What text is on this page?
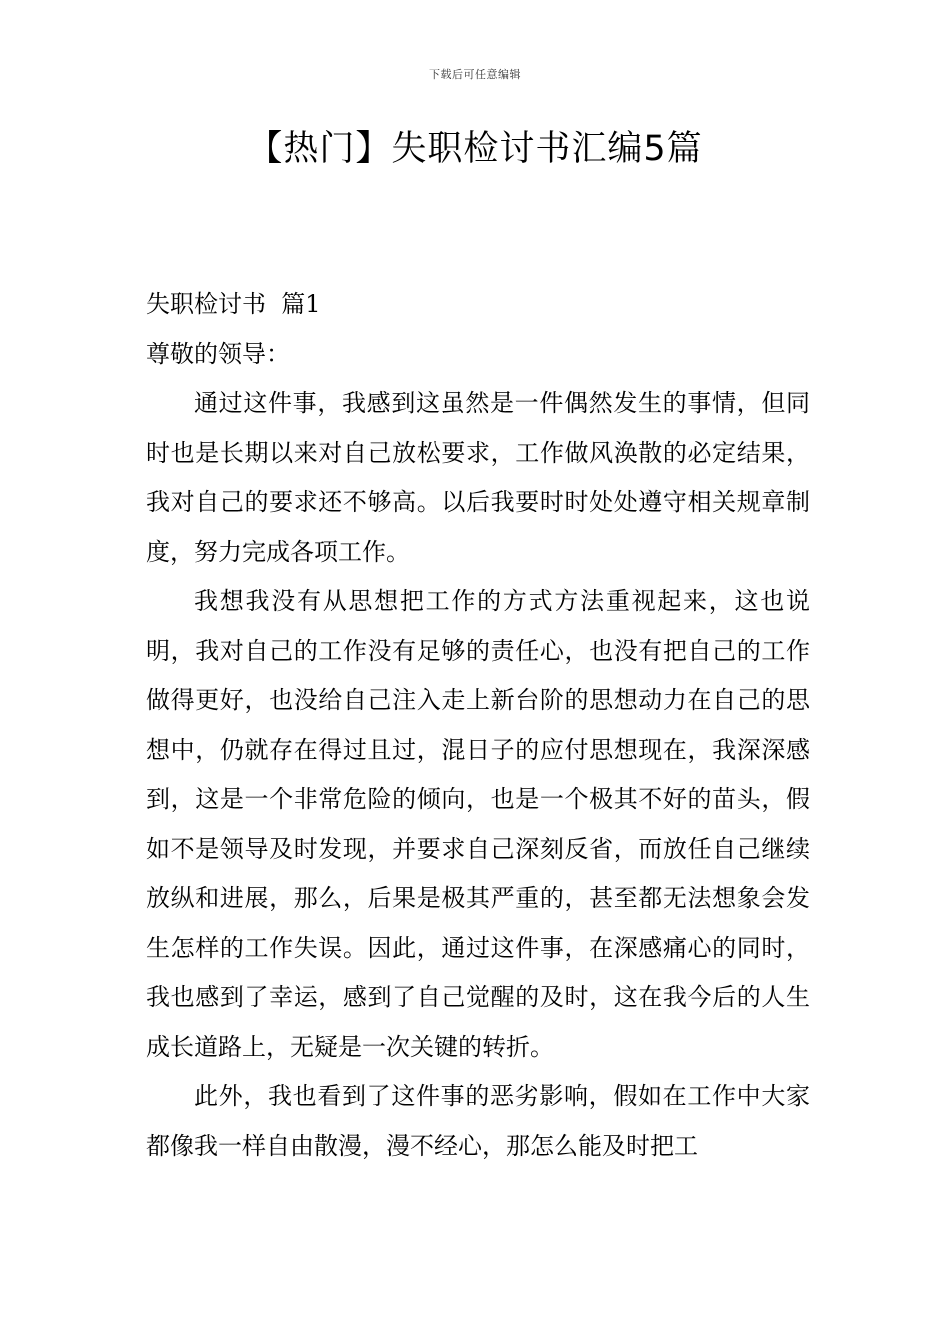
下载后可任意编辑
【热门】失职检讨书汇编5篇

失职检讨书  篇1

尊敬的领导：

通过这件事，我感到这虽然是一件偶然发生的事情，但同时也是长期以来对自己放松要求，工作做风涣散的必定结果，我对自己的要求还不够高。以后我要时时处处遵守相关规章制度，努力完成各项工作。

我想我没有从思想把工作的方式方法重视起来，这也说明，我对自己的工作没有足够的责任心，也没有把自己的工作做得更好，也没给自己注入走上新台阶的思想动力在自己的思想中，仍就存在得过且过，混日子的应付思想现在，我深深感到，这是一个非常危险的倾向，也是一个极其不好的苗头，假如不是领导及时发现，并要求自己深刻反省，而放任自己继续放纵和进展，那么，后果是极其严重的，甚至都无法想象会发生怎样的工作失误。因此，通过这件事，在深感痛心的同时，我也感到了幸运，感到了自己觉醒的及时，这在我今后的人生成长道路上，无疑是一次关键的转折。

此外，我也看到了这件事的恶劣影响，假如在工作中大家都像我一样自由散漫，漫不经心，那怎么能及时把工
